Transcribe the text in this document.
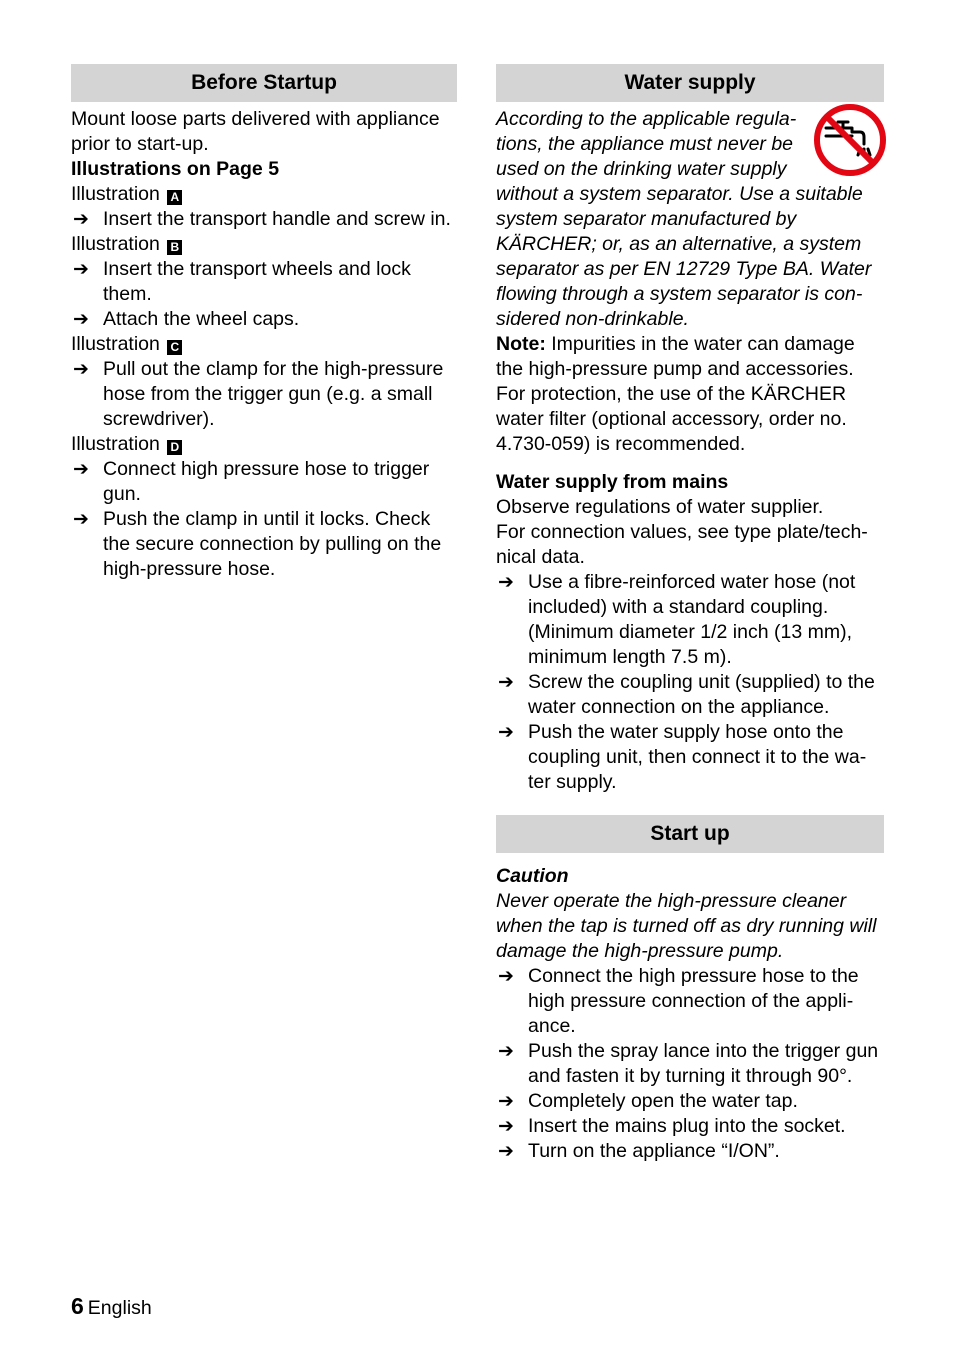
Before Startup

Mount loose parts delivered with appliance prior to start-up.

Illustrations on Page 5

Illustration A

➔ Insert the transport handle and screw in.

Illustration B

➔ Insert the transport wheels and lock them.
➔ Attach the wheel caps.

Illustration C

➔ Pull out the clamp for the high-pressure hose from the trigger gun (e.g. a small screwdriver).

Illustration D

➔ Connect high pressure hose to trigger gun.
➔ Push the clamp in until it locks. Check the secure connection by pulling on the high-pressure hose.
Water supply

According to the applicable regula-tions, the appliance must never be used on the drinking water supply without a system separator. Use a suitable system separator manufactured by KÄRCHER; or, as an alternative, a system separator as per EN 12729 Type BA. Water flowing through a system separator is con-sidered non-drinkable.

Note: Impurities in the water can damage the high-pressure pump and accessories. For protection, the use of the KÄRCHER water filter (optional accessory, order no. 4.730-059) is recommended.

Water supply from mains

Observe regulations of water supplier.

For connection values, see type plate/tech-nical data.

➔ Use a fibre-reinforced water hose (not included) with a standard coupling. (Minimum diameter 1/2 inch (13 mm), minimum length 7.5 m).
➔ Screw the coupling unit (supplied) to the water connection on the appliance.
➔ Push the water supply hose onto the coupling unit, then connect it to the wa-ter supply.
Start up

Caution

Never operate the high-pressure cleaner when the tap is turned off as dry running will damage the high-pressure pump.

➔ Connect the high pressure hose to the high pressure connection of the appli-ance.
➔ Push the spray lance into the trigger gun and fasten it by turning it through 90°.
➔ Completely open the water tap.
➔ Insert the mains plug into the socket.
➔ Turn on the appliance “I/ON”.
6 English
